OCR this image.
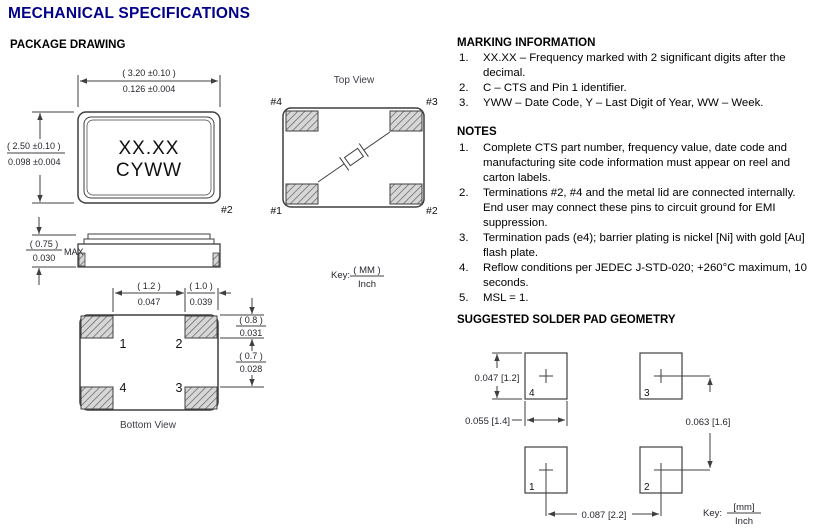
MECHANICAL SPECIFICATIONS
PACKAGE DRAWING
XX.XX
CYWW
#2
( 3.20 ±0.10 )
0.126 ±0.004
( 2.50 ±0.10 )
0.098 ±0.004
( 0.75 )
0.030
MAX
1	2
4	3
( 1.2 )
0.047
( 1.0 )
0.039
( 0.8 )
0.031
( 0.7 )
0.028
Bottom View
Top View
#4	#3
#1	#2
Key: ( MM )
Inch
MARKING INFORMATION
1.	XX.XX – Frequency marked with 2 significant digits after the decimal.
2.	C – CTS and Pin 1 identifier.
3.	YWW – Date Code, Y – Last Digit of Year, WW – Week.
NOTES
1.	Complete CTS part number, frequency value, date code and manufacturing site code information must appear on reel and carton labels.
2.	Terminations #2, #4 and the metal lid are connected internally. End user may connect these pins to circuit ground for EMI suppression.
3.	Termination pads (e4); barrier plating is nickel [Ni] with gold [Au] flash plate.
4.	Reflow conditions per JEDEC J-STD-020; +260°C maximum, 10 seconds.
5.	MSL = 1.
SUGGESTED SOLDER PAD GEOMETRY
4	3
1	2
0.047 [1.2]
0.055 [1.4]	0.063 [1.6]
0.087 [2.2]	Key:
[mm]
Inch
